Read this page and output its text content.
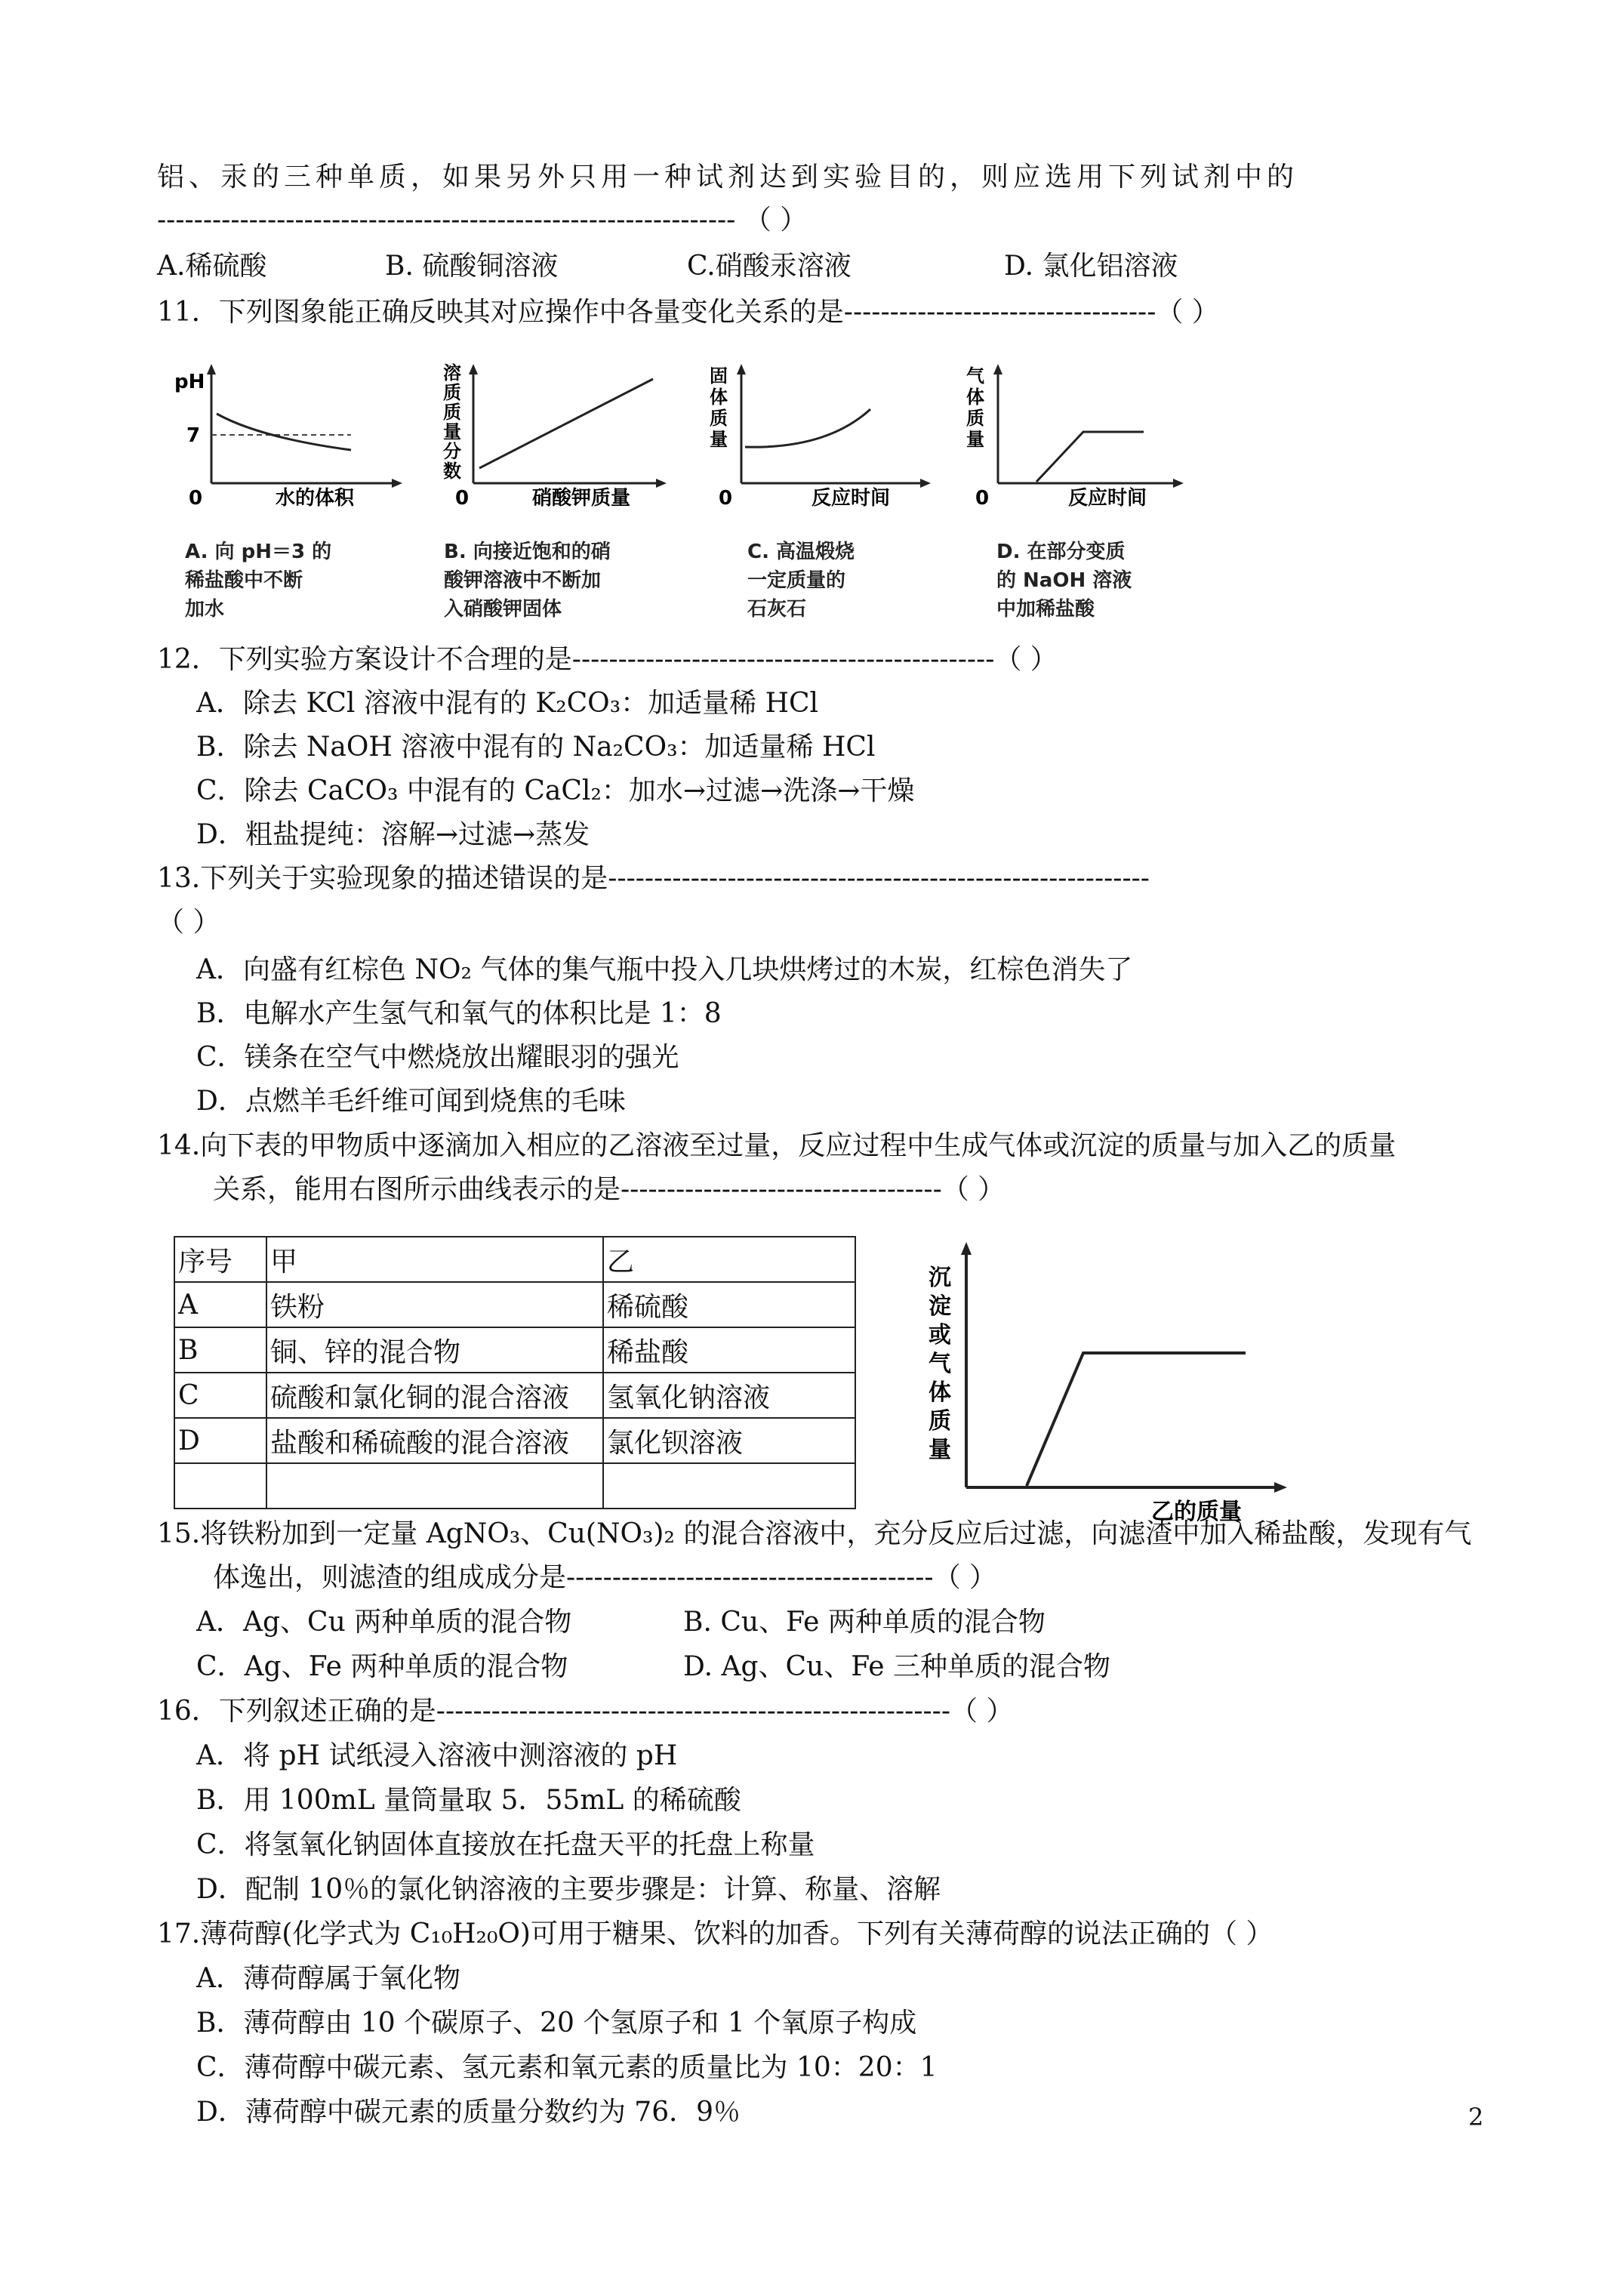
铝、汞的三种单质，如果另外只用一种试剂达到实验目的，则应选用下列试剂中的
--------------------------------------------------------------- （ ）
A.稀硫酸	B. 硫酸铜溶液	C.硝酸汞溶液	D. 氯化铝溶液
11．下列图象能正确反映其对应操作中各量变化关系的是----------------------------------（ ）
pH
7
0	水的体积
溶质质量分数
0	硝酸钾质量
固体质量
0	反应时间
气体质量
0	反应时间
A. 向 pH＝3 的
稀盐酸中不断
加水
B. 向接近饱和的硝
酸钾溶液中不断加
入硝酸钾固体
C. 高温煅烧
一定质量的
石灰石
D. 在部分变质
的 NaOH 溶液
中加稀盐酸
12．下列实验方案设计不合理的是----------------------------------------------（ ）
A．除去 KCl 溶液中混有的 K₂CO₃：加适量稀 HCl
B．除去 NaOH 溶液中混有的 Na₂CO₃：加适量稀 HCl
C．除去 CaCO₃ 中混有的 CaCl₂：加水→过滤→洗涤→干燥
D．粗盐提纯：溶解→过滤→蒸发
13.下列关于实验现象的描述错误的是-----------------------------------------------------------
（ ）
A．向盛有红棕色 NO₂ 气体的集气瓶中投入几块烘烤过的木炭，红棕色消失了
B．电解水产生氢气和氧气的体积比是 1：8
C．镁条在空气中燃烧放出耀眼羽的强光
D．点燃羊毛纤维可闻到烧焦的毛味
14.向下表的甲物质中逐滴加入相应的乙溶液至过量，反应过程中生成气体或沉淀的质量与加入乙的质量
关系，能用右图所示曲线表示的是-----------------------------------（ ）
序号	甲	乙
A	铁粉	稀硫酸
B	铜、锌的混合物	稀盐酸
C	硫酸和氯化铜的混合溶液	氢氧化钠溶液
D	盐酸和稀硫酸的混合溶液	氯化钡溶液

沉淀或气体质量
乙的质量
15.将铁粉加到一定量 AgNO₃、Cu(NO₃)₂ 的混合溶液中，充分反应后过滤，向滤渣中加入稀盐酸，发现有气
体逸出，则滤渣的组成成分是----------------------------------------（ ）
A．Ag、Cu 两种单质的混合物	B. Cu、Fe 两种单质的混合物
C．Ag、Fe 两种单质的混合物	D. Ag、Cu、Fe 三种单质的混合物
16．下列叙述正确的是--------------------------------------------------------（ ）
A．将 pH 试纸浸入溶液中测溶液的 pH
B．用 100mL 量筒量取 5．55mL 的稀硫酸
C．将氢氧化钠固体直接放在托盘天平的托盘上称量
D．配制 10％的氯化钠溶液的主要步骤是：计算、称量、溶解
17.薄荷醇(化学式为 C₁₀H₂₀O)可用于糖果、饮料的加香。下列有关薄荷醇的说法正确的（ ）
A．薄荷醇属于氧化物
B．薄荷醇由 10 个碳原子、20 个氢原子和 1 个氧原子构成
C．薄荷醇中碳元素、氢元素和氧元素的质量比为 10：20：1
D．薄荷醇中碳元素的质量分数约为 76．9％	2
